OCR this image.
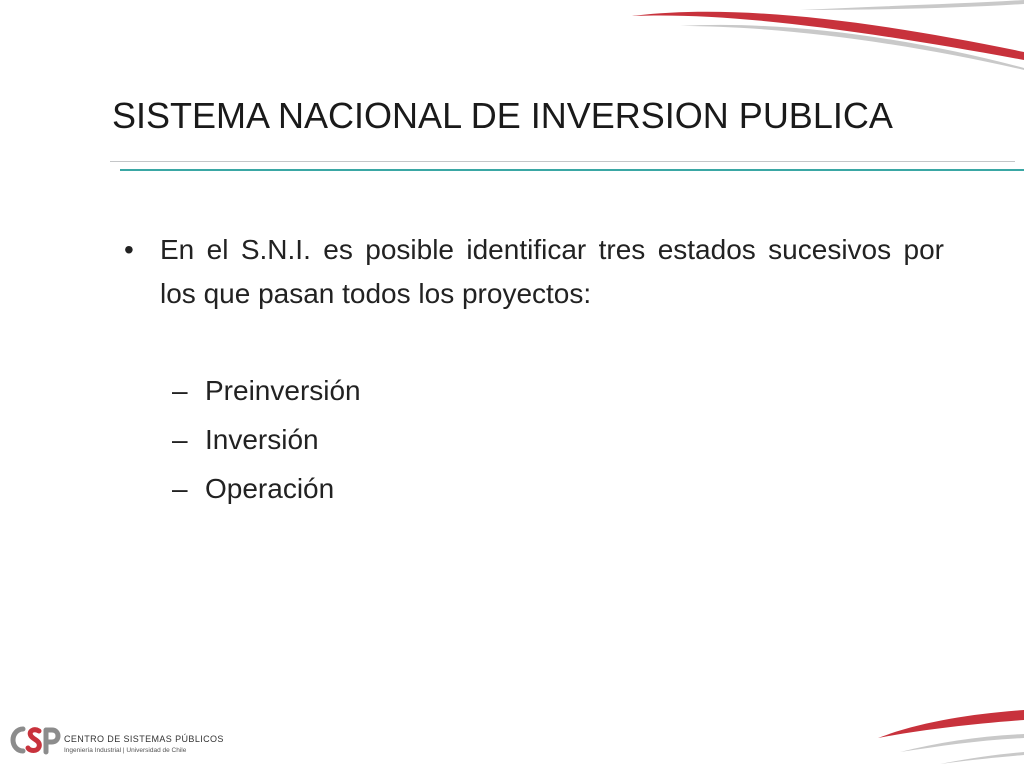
SISTEMA NACIONAL DE INVERSION PUBLICA
• En el S.N.I. es posible identificar tres estados sucesivos por los que pasan todos los proyectos:
– Preinversión
– Inversión
– Operación
CENTRO DE SISTEMAS PÚBLICOS
Ingeniería Industrial | Universidad de Chile
